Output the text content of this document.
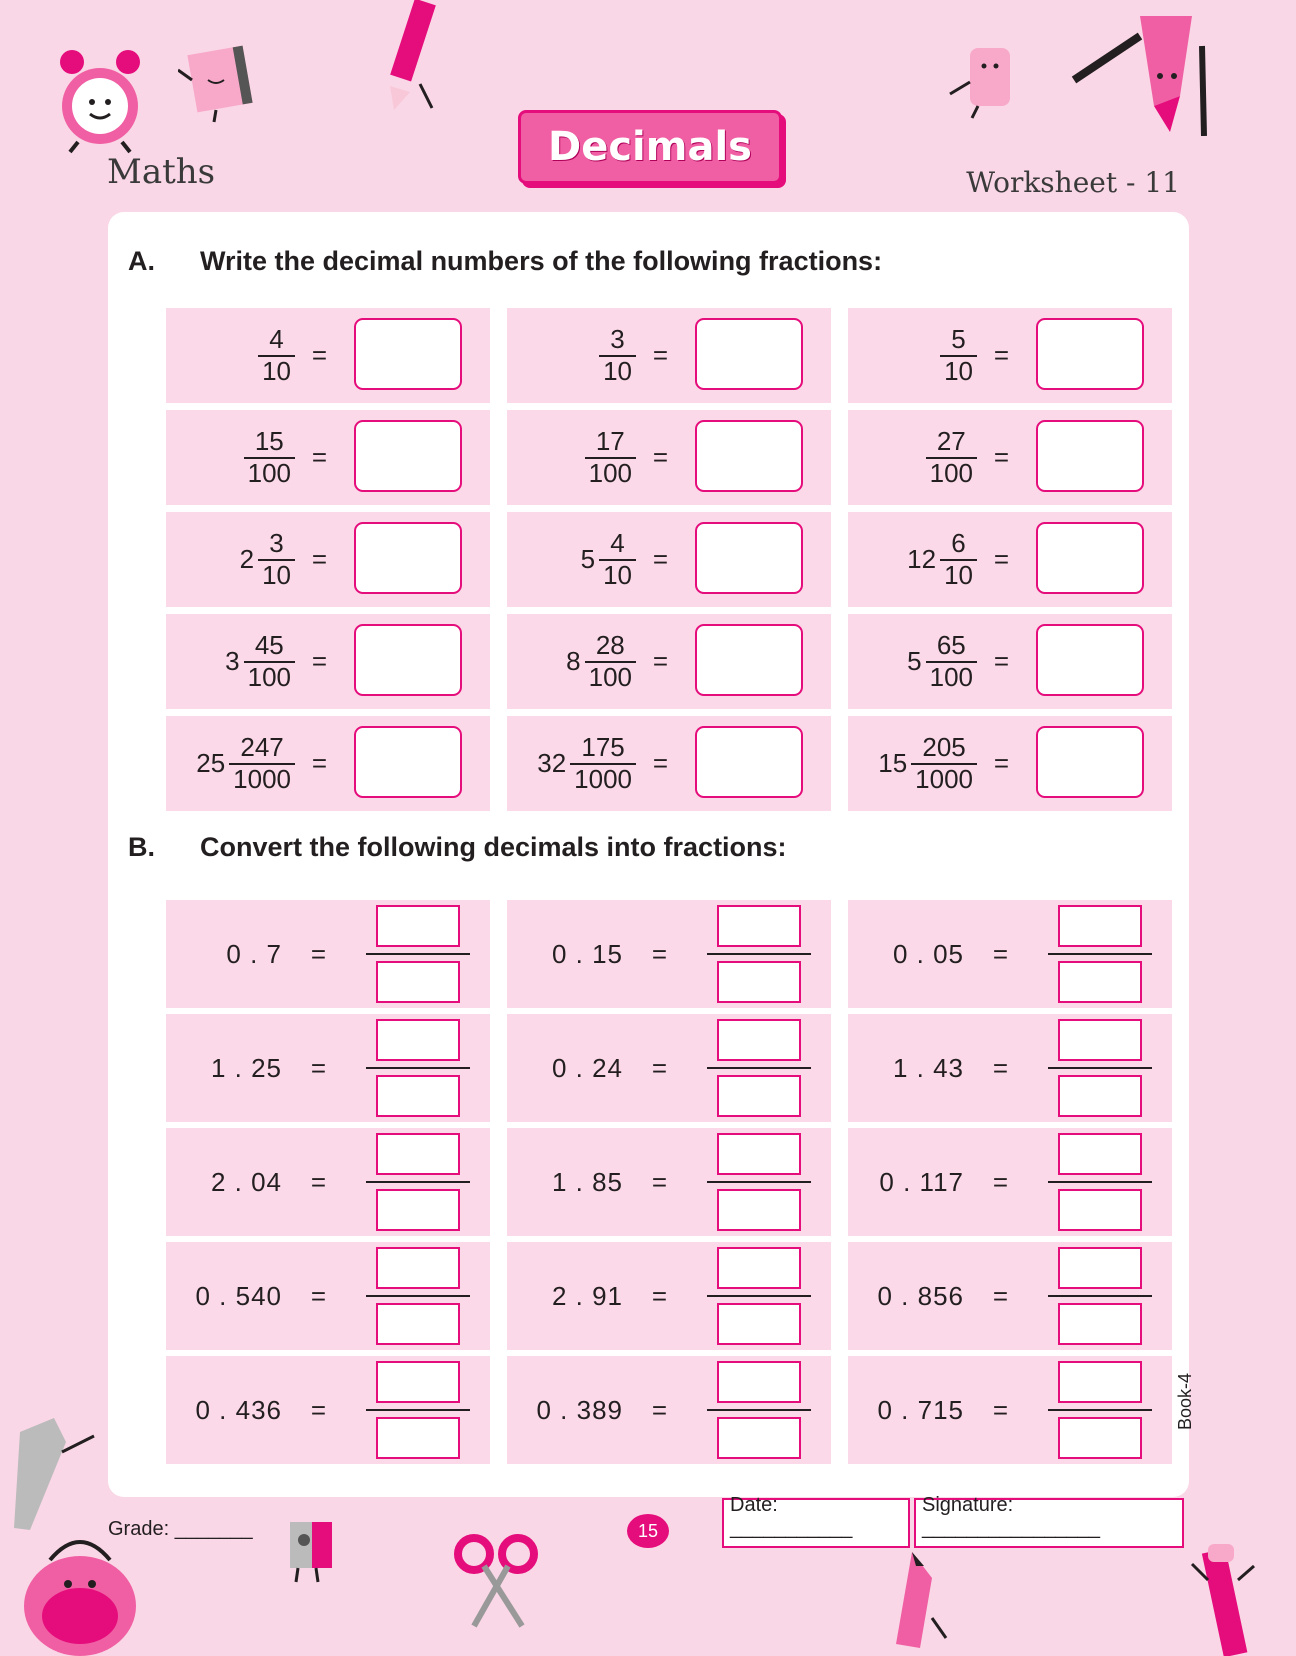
Maths
Decimals
Worksheet - 11
A. Write the decimal numbers of the following fractions:
$\frac{4}{10}$ =	$\frac{3}{10}$ =	$\frac{5}{10}$ =
$\frac{15}{100}$ =	$\frac{17}{100}$ =	$\frac{27}{100}$ =
$2 \frac{3}{10}$ =	$5 \frac{4}{10}$ =	$12 \frac{6}{10}$ =
$3 \frac{45}{100}$ =	$8 \frac{28}{100}$ =	$5 \frac{65}{100}$ =
$25 \frac{247}{1000}$ =	$32 \frac{175}{1000}$ =	$15 \frac{205}{1000}$ =
B. Convert the following decimals into fractions:
0 . 7 =	0 . 15 =	0 . 05 =
1 . 25 =	0 . 24 =	1 . 43 =
2 . 04 =	1 . 85 =	0 . 117 =
0 . 540 =	2 . 91 =	0 . 856 =
0 . 436 =	0 . 389 =	0 . 715 =
Grade: _______	15
Date: ___________
Signature: ________________
Book-4
